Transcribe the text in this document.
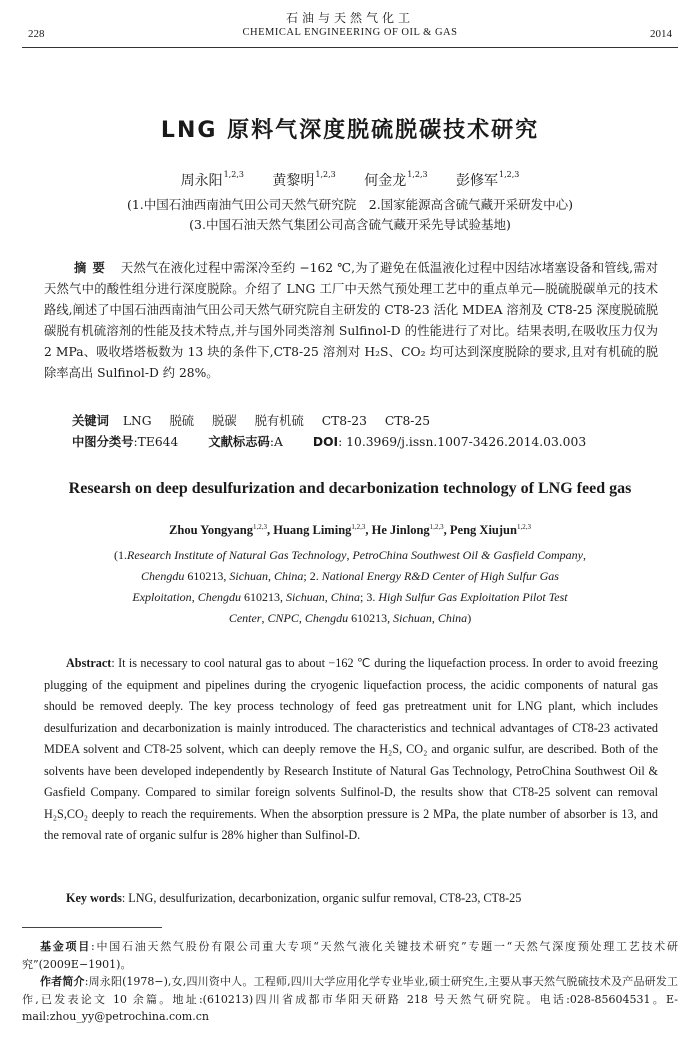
228
石油与天然气化工
CHEMICAL ENGINEERING OF OIL & GAS	2014
LNG 原料气深度脱硫脱碳技术研究
周永阳$^{1,2,3}$ 黄黎明$^{1,2,3}$ 何金龙$^{1,2,3}$ 彭修军$^{1,2,3}$
(1.中国石油西南油气田公司天然气研究院　2.国家能源高含硫气藏开采研发中心)
(3.中国石油天然气集团公司高含硫气藏开采先导试验基地)
摘要 天然气在液化过程中需深冷至约 −162 ℃,为了避免在低温液化过程中因结冰堵塞设备和管线,需对天然气中的酸性组分进行深度脱除。介绍了 LNG 工厂中天然气预处理工艺中的重点单元—脱硫脱碳单元的技术路线,阐述了中国石油西南油气田公司天然气研究院自主研发的 CT8-23 活化 MDEA 溶剂及 CT8-25 深度脱硫脱碳脱有机硫溶剂的性能及技术特点,并与国外同类溶剂 Sulfinol-D 的性能进行了对比。结果表明,在吸收压力仅为 2 MPa、吸收塔塔板数为 13 块的条件下,CT8-25 溶剂对 H₂S、CO₂ 均可达到深度脱除的要求,且对有机硫的脱除率高出 Sulfinol-D 约 28%。
关键词 LNG 脱硫 脱碳 脱有机硫 CT8-23 CT8-25
中图分类号:TE644 文献标志码:A DOI: 10.3969/j.issn.1007-3426.2014.03.003
Researsh on deep desulfurization and decarbonization technology of LNG feed gas
Zhou Yongyang$^{1,2,3}$, Huang Liming$^{1,2,3}$, He Jinlong$^{1,2,3}$, Peng Xiujun$^{1,2,3}$
(1.Research Institute of Natural Gas Technology, PetroChina Southwest Oil & Gasfield Company,
Chengdu 610213, Sichuan, China; 2. National Energy R&D Center of High Sulfur Gas
Exploitation, Chengdu 610213, Sichuan, China; 3. High Sulfur Gas Exploitation Pilot Test
Center, CNPC, Chengdu 610213, Sichuan, China)
Abstract: It is necessary to cool natural gas to about −162 ℃ during the liquefaction process. In order to avoid freezing plugging of the equipment and pipelines during the cryogenic liquefaction process, the acidic components of natural gas should be removed deeply. The key process technology of feed gas pretreatment unit for LNG plant, which includes desulfurization and decarbonization is mainly introduced. The characteristics and technical advantages of CT8-23 activated MDEA solvent and CT8-25 solvent, which can deeply remove the H₂S, CO₂ and organic sulfur, are described. Both of the solvents have been developed independently by Research Institute of Natural Gas Technology, PetroChina Southwest Oil & Gasfield Company. Compared to similar foreign solvents Sulfinol-D, the results show that CT8-25 solvent can removal H₂S,CO₂ deeply to reach the requirements. When the absorption pressure is 2 MPa, the plate number of absorber is 13, and the removal rate of organic sulfur is 28% higher than Sulfinol-D.
Key words: LNG, desulfurization, decarbonization, organic sulfur removal, CT8-23, CT8-25

基金项目:中国石油天然气股份有限公司重大专项“天然气液化关键技术研究”专题一“天然气深度预处理工艺技术研究”(2009E−1901)。

作者简介:周永阳(1978−),女,四川资中人。工程师,四川大学应用化学专业毕业,硕士研究生,主要从事天然气脱硫技术及产品研发工作,已发表论文 10 余篇。地址:(610213)四川省成都市华阳天研路 218 号天然气研究院。电话:028-85604531。E-mail:zhou_yy@petrochina.com.cn
